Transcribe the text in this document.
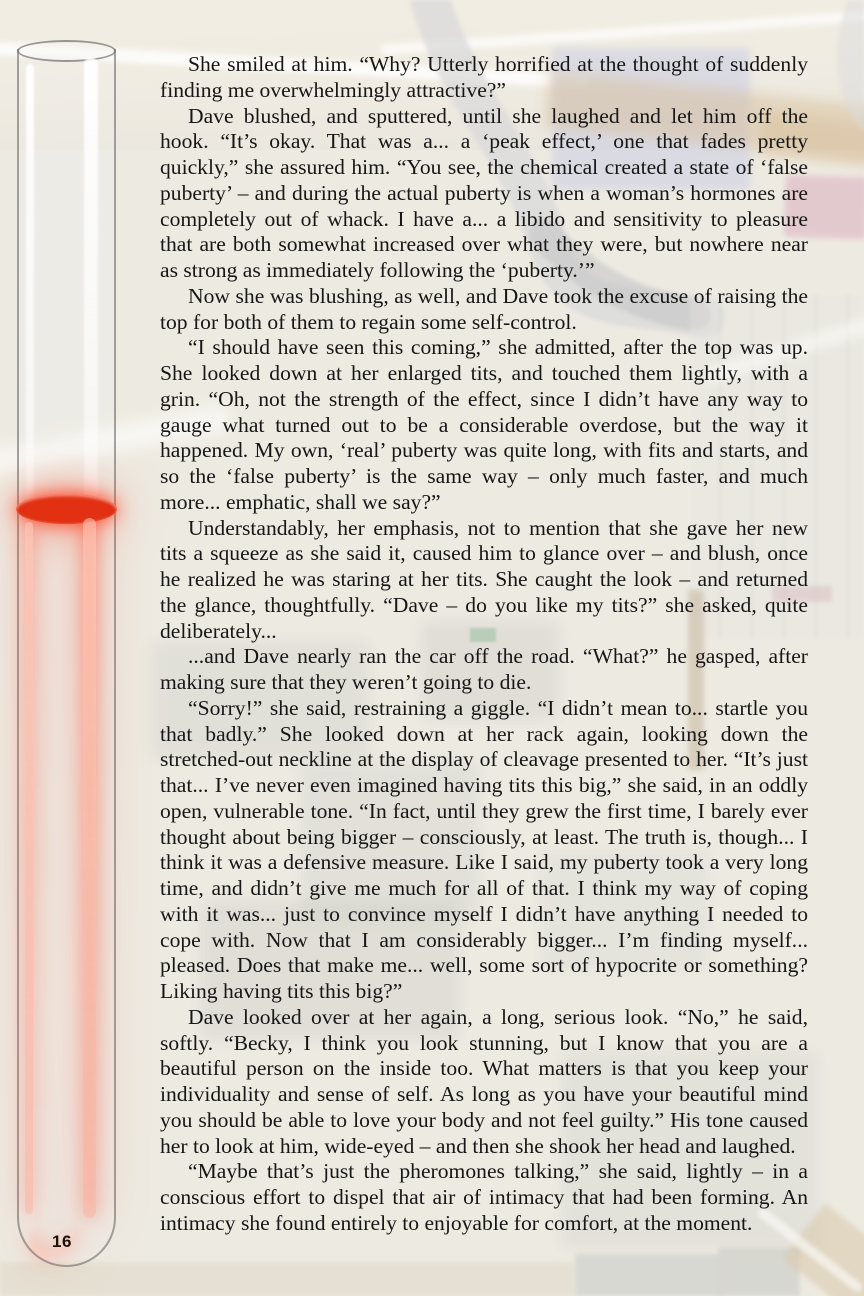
16

She smiled at him. “Why? Utterly horrified at the thought of suddenly finding me overwhelmingly attractive?”

Dave blushed, and sputtered, until she laughed and let him off the hook. “It’s okay. That was a... a ‘peak effect,’ one that fades pretty quickly,” she assured him. “You see, the chemical created a state of ‘false puberty’ – and during the actual puberty is when a woman’s hormones are completely out of whack. I have a... a libido and sensitivity to pleasure that are both somewhat increased over what they were, but nowhere near as strong as immediately following the ‘puberty.’”

Now she was blushing, as well, and Dave took the excuse of raising the top for both of them to regain some self-control.

“I should have seen this coming,” she admitted, after the top was up. She looked down at her enlarged tits, and touched them lightly, with a grin. “Oh, not the strength of the effect, since I didn’t have any way to gauge what turned out to be a considerable overdose, but the way it happened. My own, ‘real’ puberty was quite long, with fits and starts, and so the ‘false puberty’ is the same way – only much faster, and much more... emphatic, shall we say?”

Understandably, her emphasis, not to mention that she gave her new tits a squeeze as she said it, caused him to glance over – and blush, once he realized he was staring at her tits. She caught the look – and returned the glance, thoughtfully. “Dave – do you like my tits?” she asked, quite deliberately...

...and Dave nearly ran the car off the road. “What?” he gasped, after making sure that they weren’t going to die.

“Sorry!” she said, restraining a giggle. “I didn’t mean to... startle you that badly.” She looked down at her rack again, looking down the stretched-out neckline at the display of cleavage presented to her. “It’s just that... I’ve never even imagined having tits this big,” she said, in an oddly open, vulnerable tone. “In fact, until they grew the first time, I barely ever thought about being bigger – consciously, at least. The truth is, though... I think it was a defensive measure. Like I said, my puberty took a very long time, and didn’t give me much for all of that. I think my way of coping with it was... just to convince myself I didn’t have anything I needed to cope with. Now that I am considerably bigger... I’m finding myself... pleased. Does that make me... well, some sort of hypocrite or something? Liking having tits this big?”

Dave looked over at her again, a long, serious look. “No,” he said, softly. “Becky, I think you look stunning, but I know that you are a beautiful person on the inside too. What matters is that you keep your individuality and sense of self. As long as you have your beautiful mind you should be able to love your body and not feel guilty.” His tone caused her to look at him, wide-eyed – and then she shook her head and laughed.

“Maybe that’s just the pheromones talking,” she said, lightly – in a conscious effort to dispel that air of intimacy that had been forming. An intimacy she found entirely to enjoyable for comfort, at the moment.
